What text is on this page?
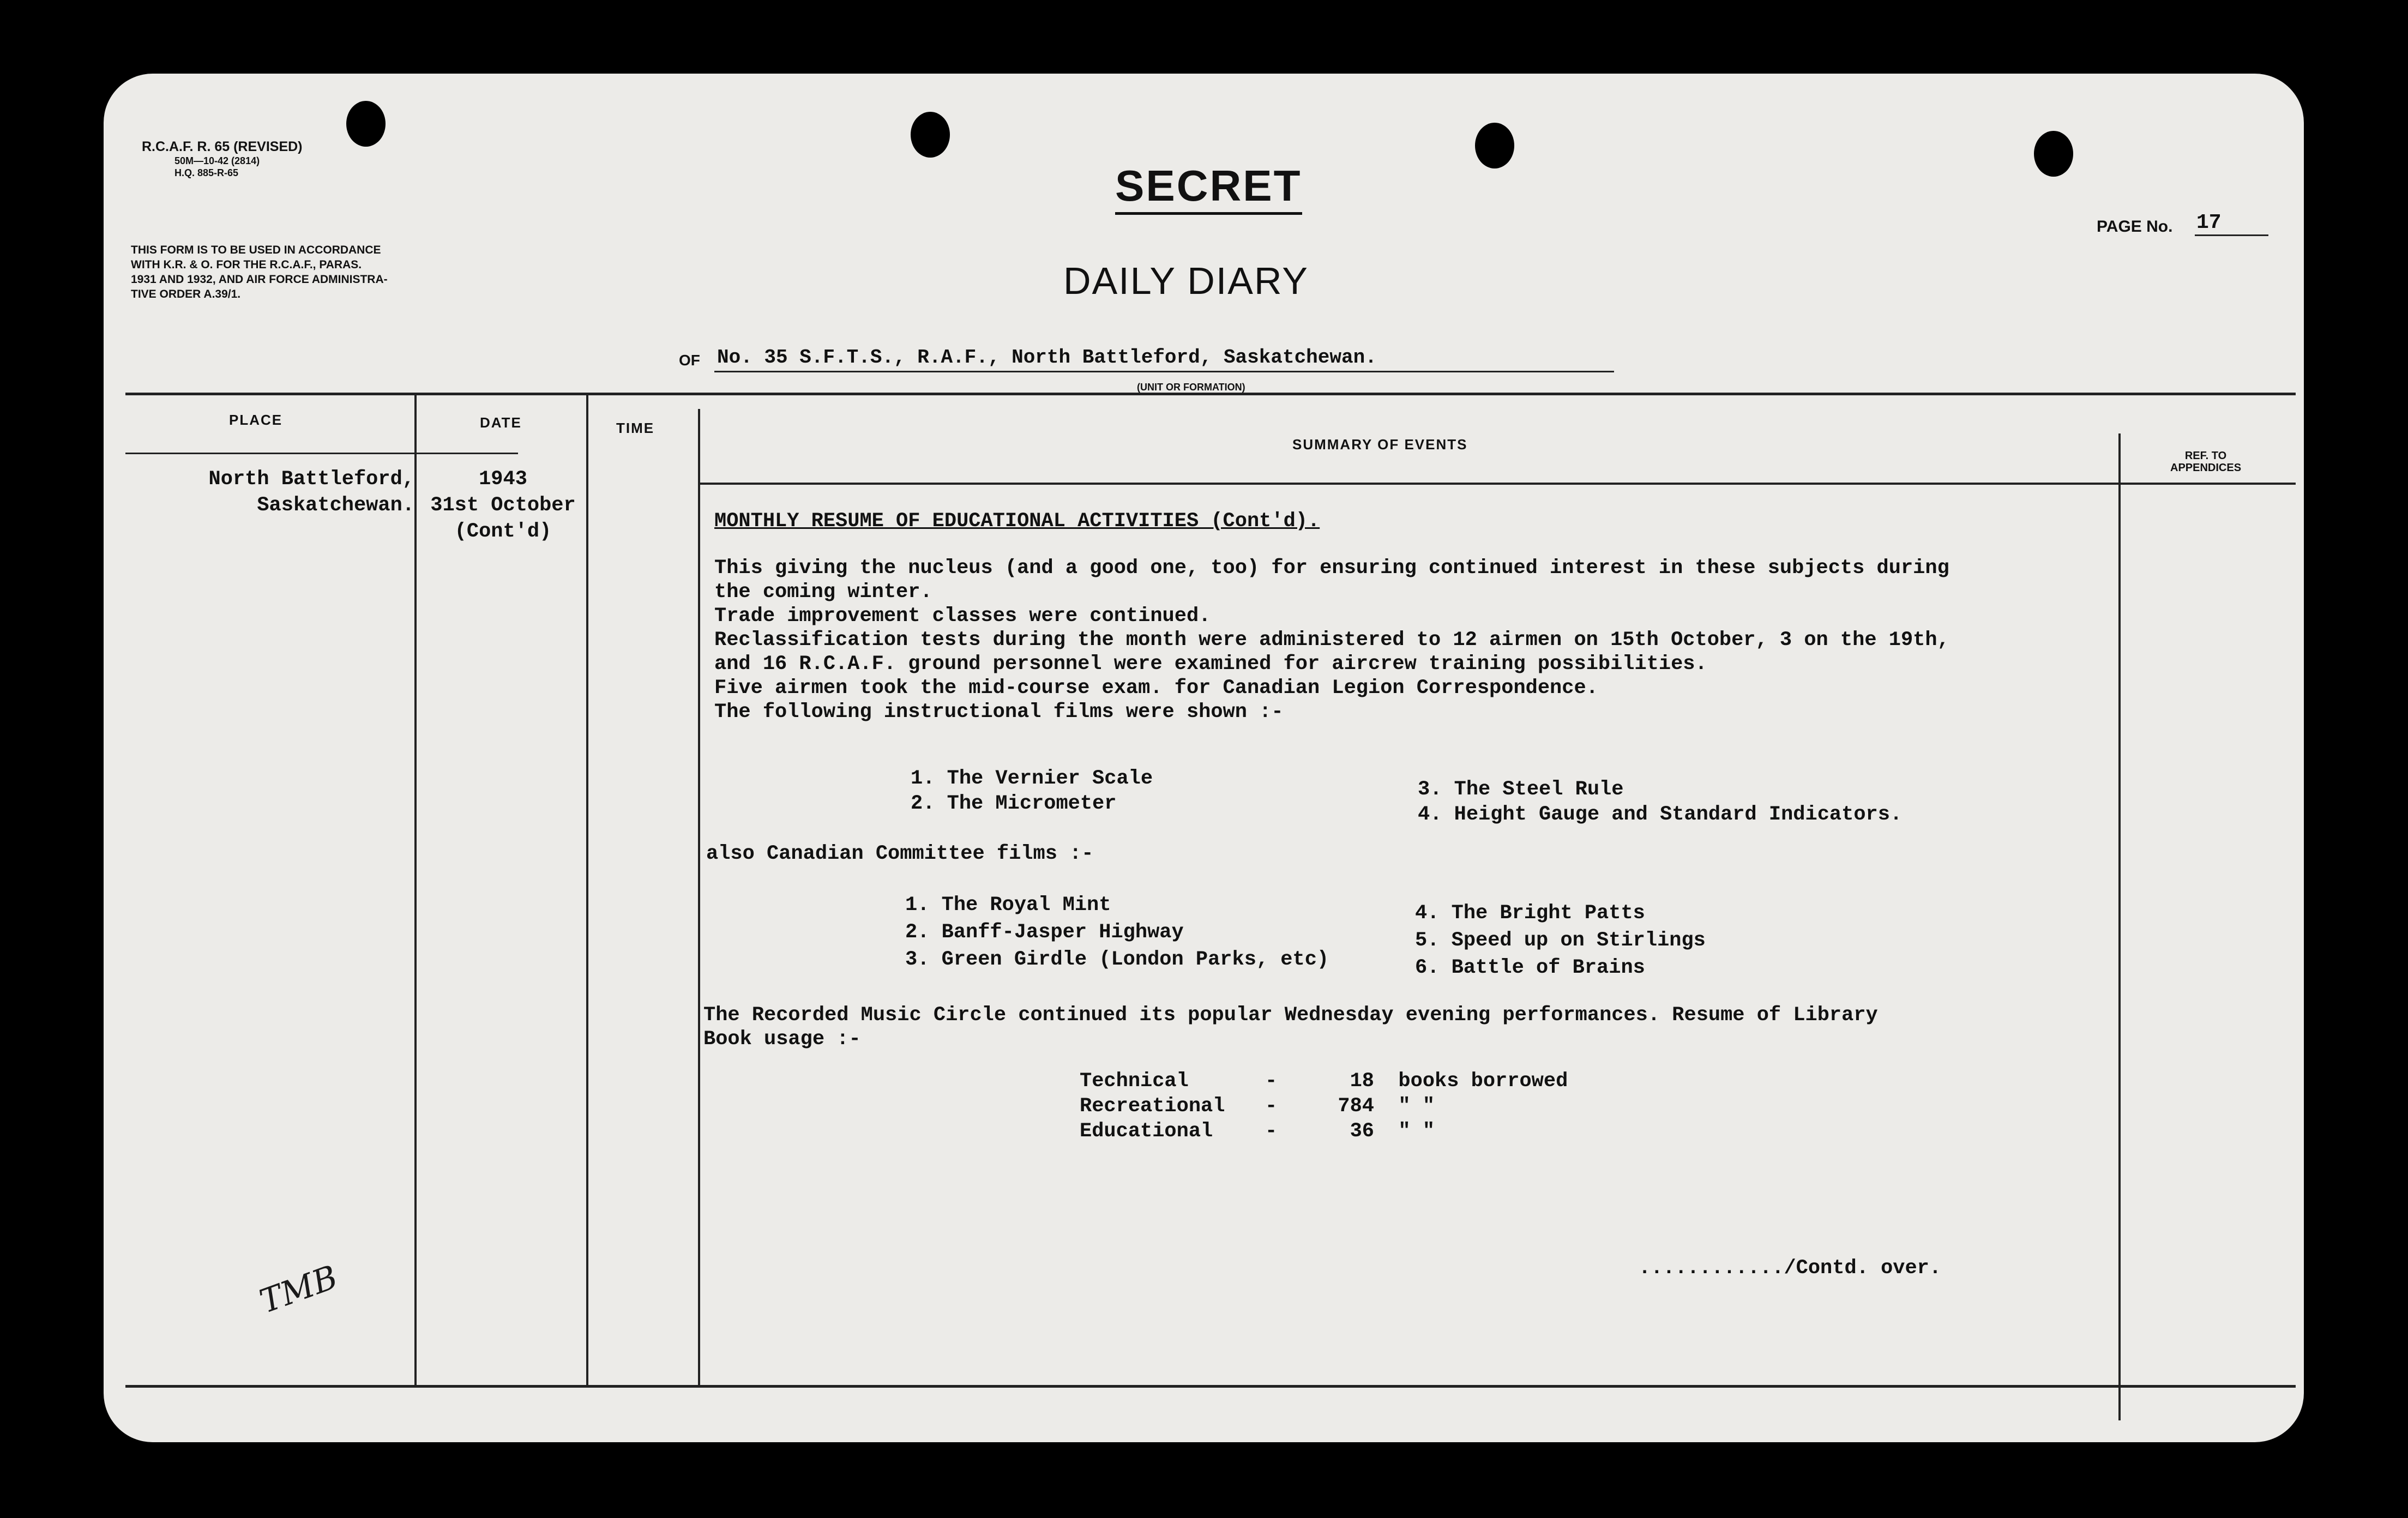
R.C.A.F. R. 65 (REVISED)
50M—10-42 (2814)
H.Q. 885-R-65
THIS FORM IS TO BE USED IN ACCORDANCE
WITH K.R. & O. FOR THE R.C.A.F., PARAS.
1931 AND 1932, AND AIR FORCE ADMINISTRA-
TIVE ORDER A.39/1.
SECRET
PAGE No. 17
DAILY DIARY
OF No. 35 S.F.T.S., R.A.F., North Battleford, Saskatchewan.
(UNIT OR FORMATION)
PLACE	DATE	TIME
SUMMARY OF EVENTS
REF. TO
APPENDICES
North Battleford,
Saskatchewan.
1943
31st October
(Cont'd)	MONTHLY RESUME OF EDUCATIONAL ACTIVITIES (Cont'd).
This giving the nucleus (and a good one, too) for ensuring continued interest in these subjects during
the coming winter.
Trade improvement classes were continued.
Reclassification tests during the month were administered to 12 airmen on 15th October, 3 on the 19th,
and 16 R.C.A.F. ground personnel were examined for aircrew training possibilities.
Five airmen took the mid-course exam. for Canadian Legion Correspondence.
The following instructional films were shown :-
1. The Vernier Scale
2. The Micrometer
3. The Steel Rule
4. Height Gauge and Standard Indicators.
also Canadian Committee films :-
1. The Royal Mint
2. Banff-Jasper Highway
3. Green Girdle (London Parks, etc)
4. The Bright Patts
5. Speed up on Stirlings
6. Battle of Brains
The Recorded Music Circle continued its popular Wednesday evening performances. Resume of Library
Book usage :-
Technical	-	18 books borrowed
Recreational -	784 " "
Educational	-	36 " "
............/Contd. over.
TMB
